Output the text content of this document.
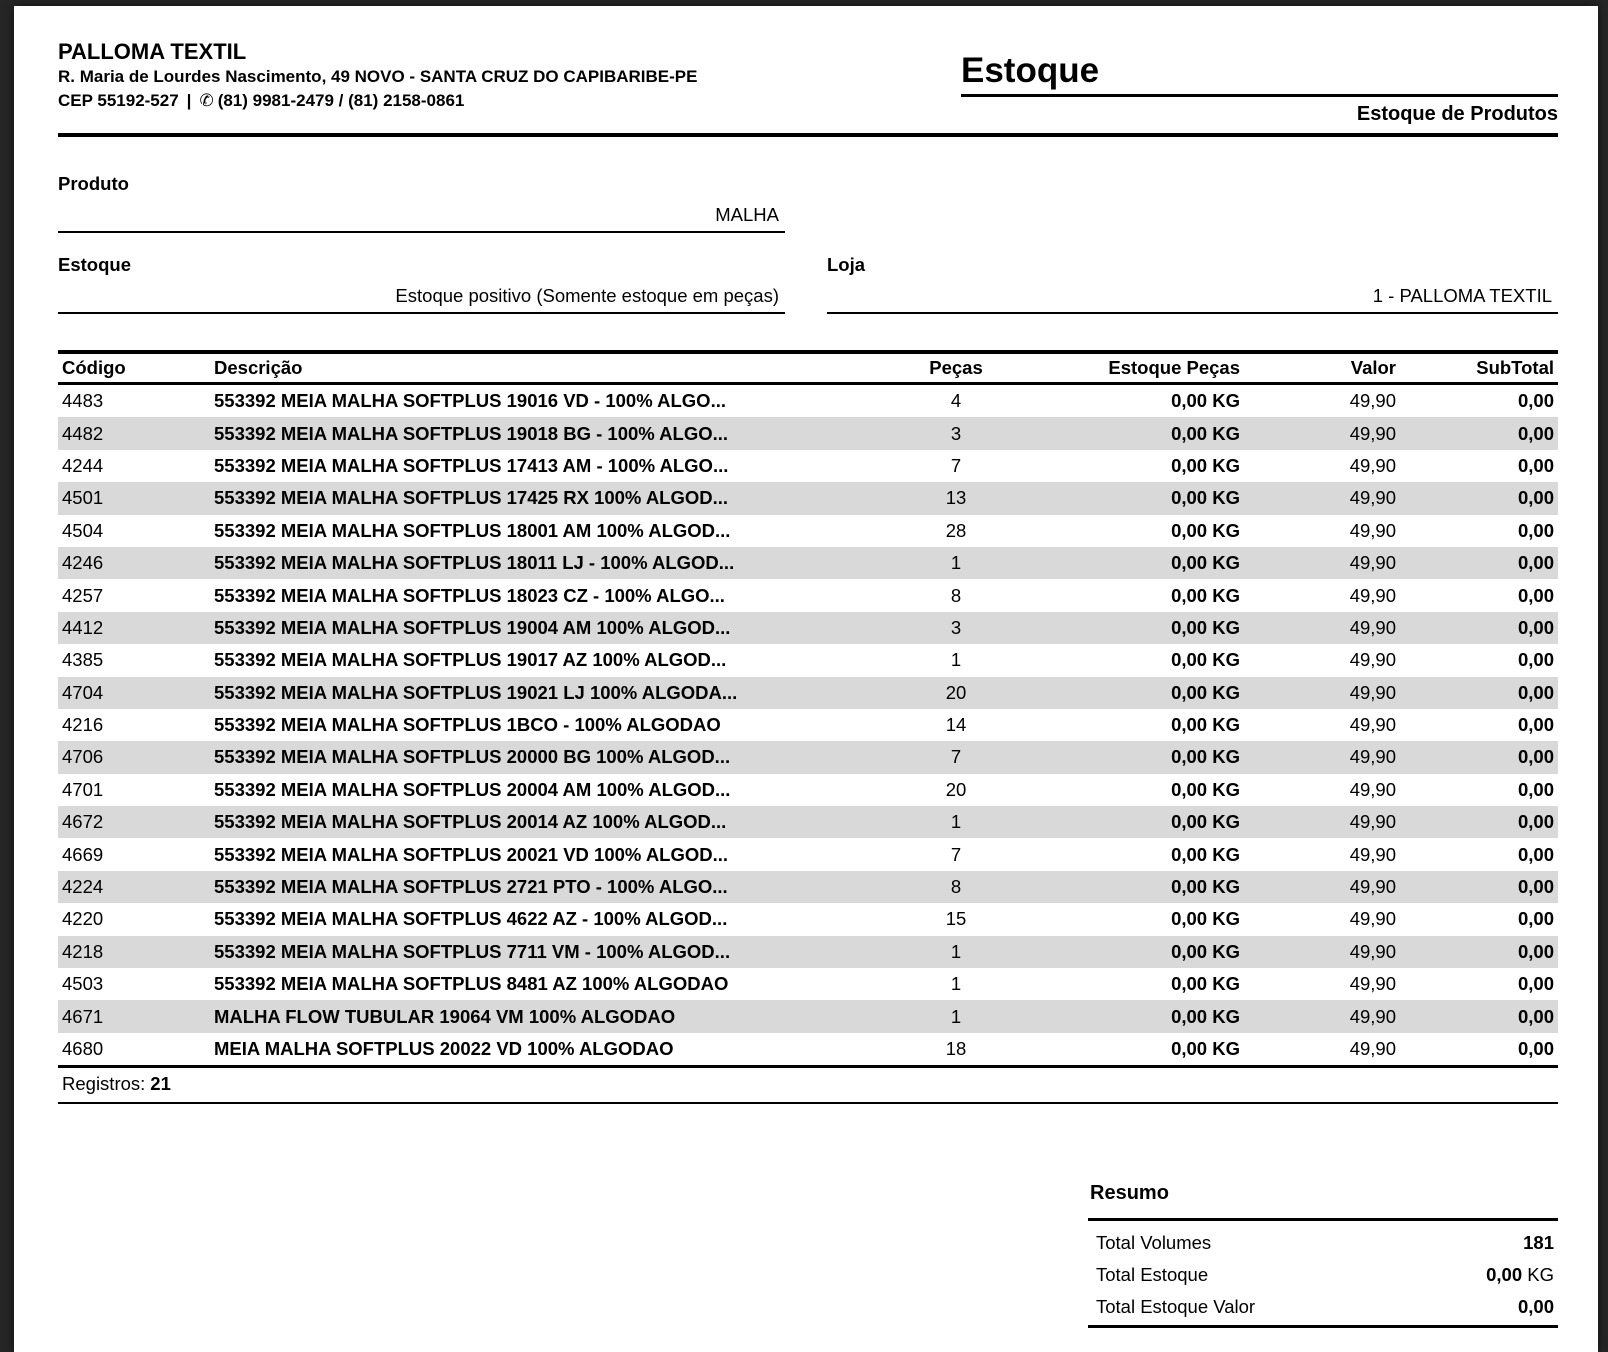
PALLOMA TEXTIL
R. Maria de Lourdes Nascimento, 49 NOVO - SANTA CRUZ DO CAPIBARIBE-PE
CEP 55192-527 | ✆ (81) 9981-2479 / (81) 2158-0861
Estoque
Estoque de Produtos
Produto
MALHA
Estoque
Estoque positivo (Somente estoque em peças)
Loja
1 - PALLOMA TEXTIL
Código	Descrição	Peças	Estoque Peças	Valor	SubTotal
4483	553392 MEIA MALHA SOFTPLUS 19016 VD - 100% ALGO...	4	0,00 KG	49,90	0,00
4482	553392 MEIA MALHA SOFTPLUS 19018 BG - 100% ALGO...	3	0,00 KG	49,90	0,00
4244	553392 MEIA MALHA SOFTPLUS 17413 AM - 100% ALGO...	7	0,00 KG	49,90	0,00
4501	553392 MEIA MALHA SOFTPLUS 17425 RX 100% ALGOD...	13	0,00 KG	49,90	0,00
4504	553392 MEIA MALHA SOFTPLUS 18001 AM 100% ALGOD...	28	0,00 KG	49,90	0,00
4246	553392 MEIA MALHA SOFTPLUS 18011 LJ - 100% ALGOD...	1	0,00 KG	49,90	0,00
4257	553392 MEIA MALHA SOFTPLUS 18023 CZ - 100% ALGO...	8	0,00 KG	49,90	0,00
4412	553392 MEIA MALHA SOFTPLUS 19004 AM 100% ALGOD...	3	0,00 KG	49,90	0,00
4385	553392 MEIA MALHA SOFTPLUS 19017 AZ 100% ALGOD...	1	0,00 KG	49,90	0,00
4704	553392 MEIA MALHA SOFTPLUS 19021 LJ 100% ALGODA...	20	0,00 KG	49,90	0,00
4216	553392 MEIA MALHA SOFTPLUS 1BCO - 100% ALGODAO	14	0,00 KG	49,90	0,00
4706	553392 MEIA MALHA SOFTPLUS 20000 BG 100% ALGOD...	7	0,00 KG	49,90	0,00
4701	553392 MEIA MALHA SOFTPLUS 20004 AM 100% ALGOD...	20	0,00 KG	49,90	0,00
4672	553392 MEIA MALHA SOFTPLUS 20014 AZ 100% ALGOD...	1	0,00 KG	49,90	0,00
4669	553392 MEIA MALHA SOFTPLUS 20021 VD 100% ALGOD...	7	0,00 KG	49,90	0,00
4224	553392 MEIA MALHA SOFTPLUS 2721 PTO - 100% ALGO...	8	0,00 KG	49,90	0,00
4220	553392 MEIA MALHA SOFTPLUS 4622 AZ - 100% ALGOD...	15	0,00 KG	49,90	0,00
4218	553392 MEIA MALHA SOFTPLUS 7711 VM - 100% ALGOD...	1	0,00 KG	49,90	0,00
4503	553392 MEIA MALHA SOFTPLUS 8481 AZ 100% ALGODAO	1	0,00 KG	49,90	0,00
4671	MALHA FLOW TUBULAR 19064 VM 100% ALGODAO	1	0,00 KG	49,90	0,00
4680	MEIA MALHA SOFTPLUS 20022 VD 100% ALGODAO	18	0,00 KG	49,90	0,00
Registros: 21
Resumo
Total Volumes	181
Total Estoque	0,00 KG
Total Estoque Valor	0,00
